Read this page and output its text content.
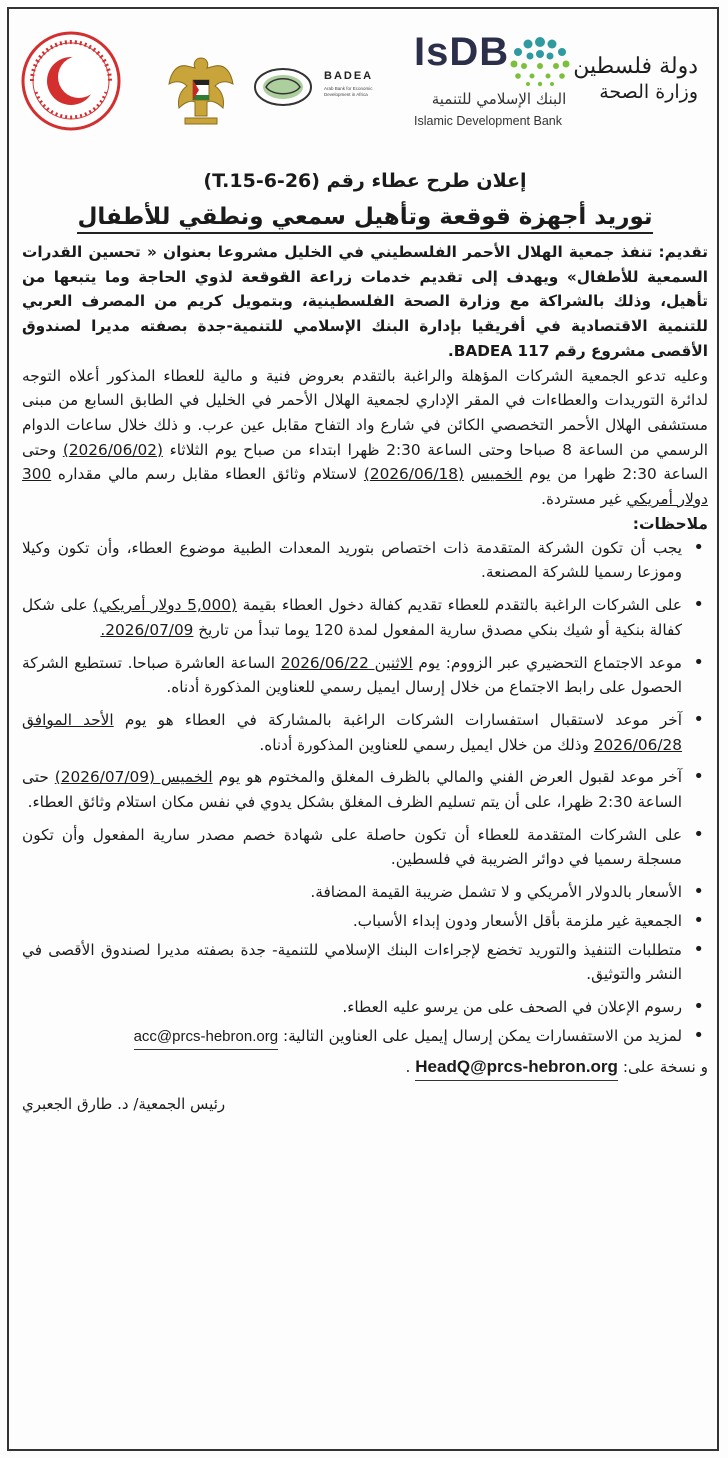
IsDB
البنك الإسلامي للتنمية
Islamic Development Bank
BADEA
Arab Bank for Economic Development in Africa
دولة فلسطين
وزارة الصحة
إعلان طرح عطاء رقم (T.15-6-26)
توريد أجهزة قوقعة وتأهيل سمعي ونطقي للأطفال

تقديم: تنفذ جمعية الهلال الأحمر الفلسطيني في الخليل مشروعا بعنوان « تحسين القدرات السمعية للأطفال» ويهدف إلى تقديم خدمات زراعة القوقعة لذوي الحاجة وما يتبعها من تأهيل، وذلك بالشراكة مع وزارة الصحة الفلسطينية، وبتمويل كريم من المصرف العربي للتنمية الاقتصادية في أفريقيا بإدارة البنك الإسلامي للتنمية-جدة بصفته مديرا لصندوق الأقصى مشروع رقم BADEA 117.

وعليه تدعو الجمعية الشركات المؤهلة والراغبة بالتقدم بعروض فنية و مالية للعطاء المذكور أعلاه التوجه لدائرة التوريدات والعطاءات في المقر الإداري لجمعية الهلال الأحمر في الخليل في الطابق السابع من مبنى مستشفى الهلال الأحمر التخصصي الكائن في شارع واد التفاح مقابل عين عرب. و ذلك خلال ساعات الدوام الرسمي من الساعة 8 صباحا وحتى الساعة 2:30 ظهرا ابتداء من صباح يوم الثلاثاء (2026/06/02) وحتى الساعة 2:30 ظهرا من يوم الخميس (2026/06/18) لاستلام وثائق العطاء مقابل رسم مالي مقداره 300 دولار أمريكي غير مستردة.

ملاحظات:
• يجب أن تكون الشركة المتقدمة ذات اختصاص بتوريد المعدات الطبية موضوع العطاء، وأن تكون وكيلا وموزعا رسميا للشركة المصنعة.
• على الشركات الراغبة بالتقدم للعطاء تقديم كفالة دخول العطاء بقيمة (5,000 دولار أمريكي) على شكل كفالة بنكية أو شيك بنكي مصدق سارية المفعول لمدة 120 يوما تبدأ من تاريخ 2026/07/09.
• موعد الاجتماع التحضيري عبر الزووم: يوم الاثنين 2026/06/22 الساعة العاشرة صباحا. تستطيع الشركة الحصول على رابط الاجتماع من خلال إرسال ايميل رسمي للعناوين المذكورة أدناه.
• آخر موعد لاستقبال استفسارات الشركات الراغبة بالمشاركة في العطاء هو يوم الأحد الموافق 2026/06/28 وذلك من خلال ايميل رسمي للعناوين المذكورة أدناه.
• آخر موعد لقبول العرض الفني والمالي بالظرف المغلق والمختوم هو يوم الخميس (2026/07/09) حتى الساعة 2:30 ظهرا، على أن يتم تسليم الظرف المغلق بشكل يدوي في نفس مكان استلام وثائق العطاء.
• على الشركات المتقدمة للعطاء أن تكون حاصلة على شهادة خصم مصدر سارية المفعول وأن تكون مسجلة رسميا في دوائر الضريبة في فلسطين.
• الأسعار بالدولار الأمريكي و لا تشمل ضريبة القيمة المضافة.
• الجمعية غير ملزمة بأقل الأسعار ودون إبداء الأسباب.
• متطلبات التنفيذ والتوريد تخضع لإجراءات البنك الإسلامي للتنمية- جدة بصفته مديرا لصندوق الأقصى في النشر والتوثيق.
• رسوم الإعلان في الصحف على من يرسو عليه العطاء.
• لمزيد من الاستفسارات يمكن إرسال إيميل على العناوين التالية: acc@prcs-hebron.org
و نسخة على: HeadQ@prcs-hebron.org .
رئيس الجمعية/ د. طارق الجعبري
